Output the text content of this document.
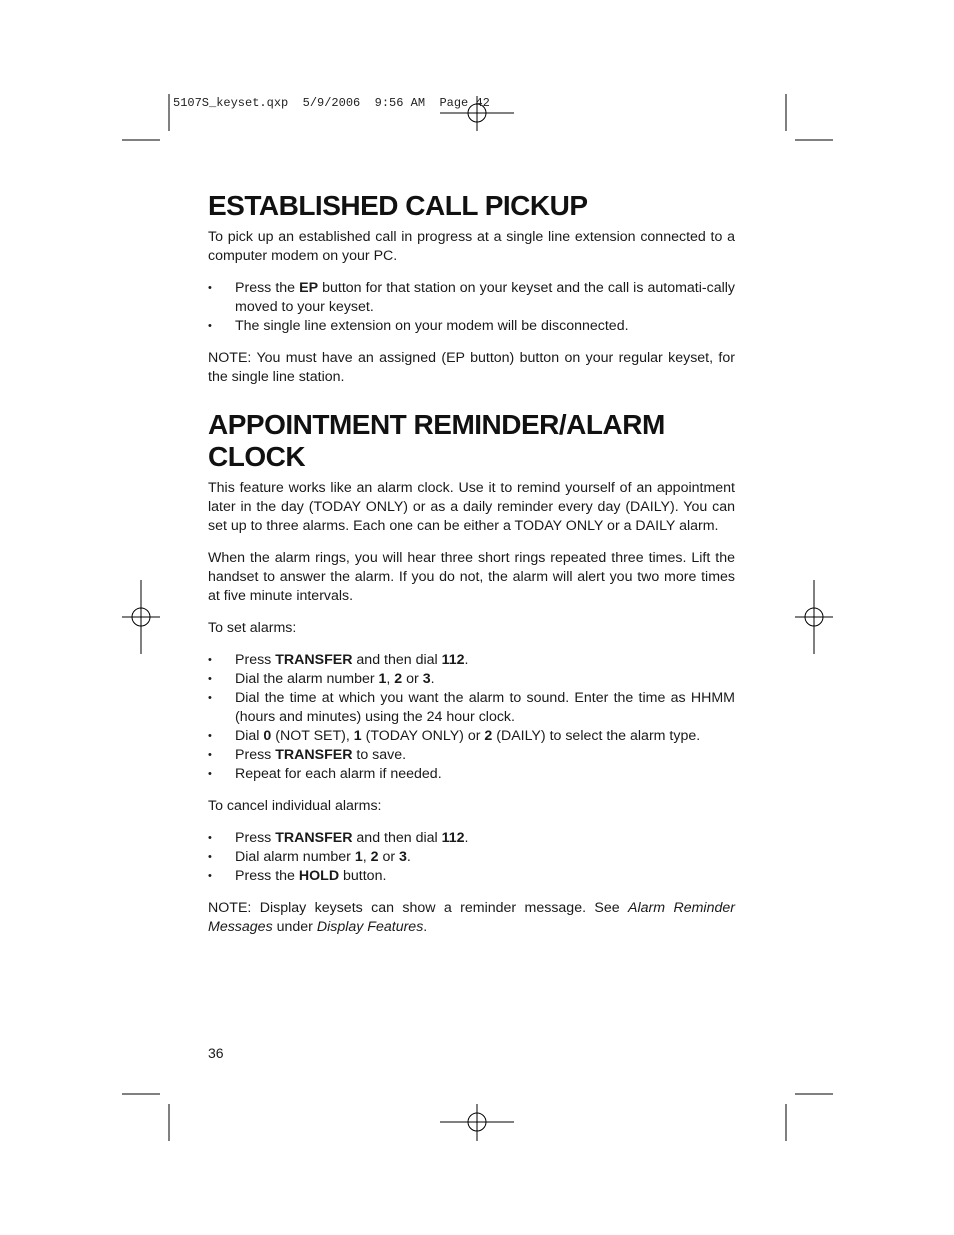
5107S_keyset.qxp  5/9/2006  9:56 AM  Page 42
ESTABLISHED CALL PICKUP

To pick up an established call in progress at a single line extension connected to a computer modem on your PC.

• Press the EP button for that station on your keyset and the call is automati-cally moved to your keyset.
• The single line extension on your modem will be disconnected.

NOTE: You must have an assigned (EP button) button on your regular keyset, for the single line station.

APPOINTMENT REMINDER/ALARM CLOCK

This feature works like an alarm clock. Use it to remind yourself of an appointment later in the day (TODAY ONLY) or as a daily reminder every day (DAILY). You can set up to three alarms. Each one can be either a TODAY ONLY or a DAILY alarm.

When the alarm rings, you will hear three short rings repeated three times. Lift the handset to answer the alarm. If you do not, the alarm will alert you two more times at five minute intervals.

To set alarms:

• Press TRANSFER and then dial 112.
• Dial the alarm number 1, 2 or 3.
• Dial the time at which you want the alarm to sound. Enter the time as HHMM (hours and minutes) using the 24 hour clock.
• Dial 0 (NOT SET), 1 (TODAY ONLY) or 2 (DAILY) to select the alarm type.
• Press TRANSFER to save.
• Repeat for each alarm if needed.

To cancel individual alarms:

• Press TRANSFER and then dial 112.
• Dial alarm number 1, 2 or 3.
• Press the HOLD button.

NOTE: Display keysets can show a reminder message. See Alarm Reminder Messages under Display Features.

36
